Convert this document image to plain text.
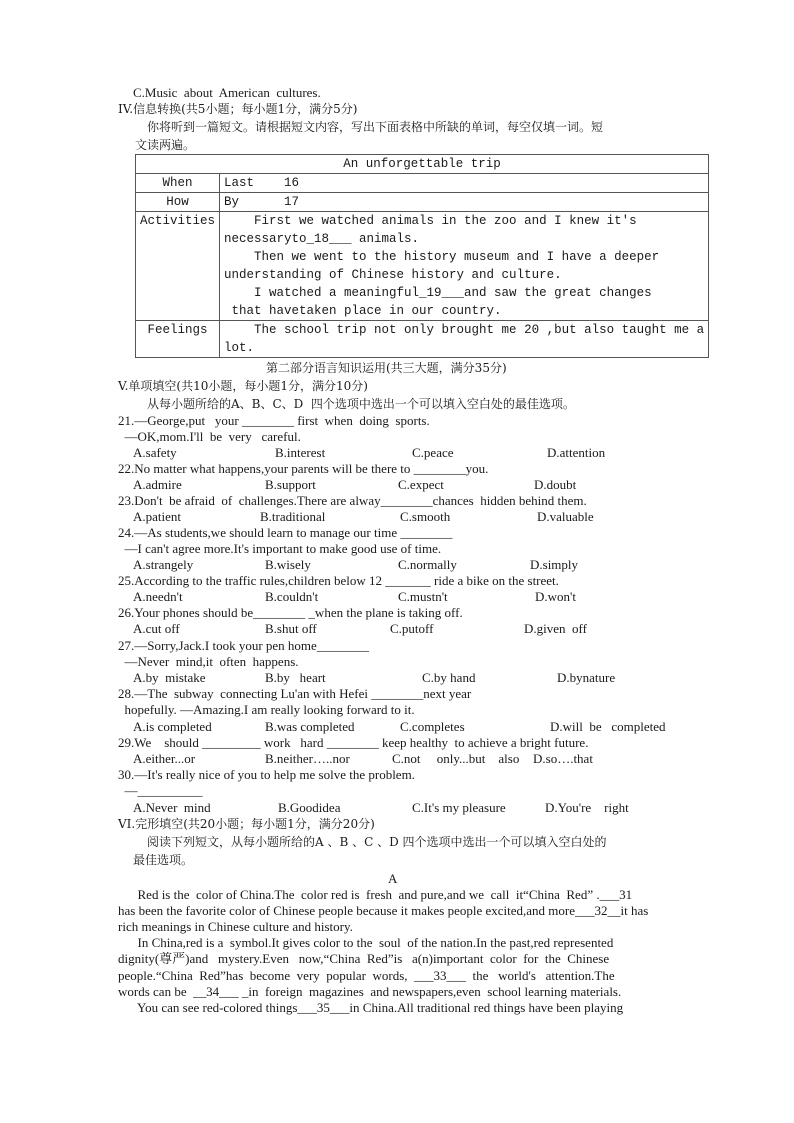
C.Music  about  American  cultures.
IV.信息转换(共5小题；每小题1分，满分5分)
你将听到一篇短文。请根据短文内容，写出下面表格中所缺的单词，每空仅填一词。短
文读两遍。
An unforgettable trip	
When	Last    16
How	By      17
Activities	First we watched animals in the zoo and I knew it's
necessaryto_18___ animals.
Then we went to the history museum and I have a deeper
understanding of Chinese history and culture.
I watched a meaningful_19___and saw the great changes
that havetaken place in our country.

Feelings	The school trip not only brought me 20 ,but also taught me a
lot.
第二部分语言知识运用(共三大题，满分35分)
V.单项填空(共10小题，每小题1分，满分10分)
从每小题所给的A、B、C、D  四个选项中选出一个可以填入空白处的最佳选项。
21.—George,put   your ________ first  when  doing  sports.
—OK,mom.I'll  be  very   careful.
A.safety	B.interest	C.peace	D.attention
22.No matter what happens,your parents will be there to ________you.
A.admire	B.support	C.expect	D.doubt
23.Don't  be afraid  of  challenges.There are alway________chances  hidden behind them.
A.patient	B.traditional	C.smooth	D.valuable
24.—As students,we should learn to manage our time ________
—I can't agree more.It's important to make good use of time.
A.strangely	B.wisely	C.normally	D.simply
25.According to the traffic rules,children below 12 _______ ride a bike on the street.
A.needn't	B.couldn't	C.mustn't	D.won't
26.Your phones should be________ _when the plane is taking off.
A.cut off	B.shut off	C.putoff	D.given  off
27.—Sorry,Jack.I took your pen home________
—Never  mind,it  often  happens.
A.by  mistake	B.by   heart	C.by hand	D.bynature
28.—The  subway  connecting Lu'an with Hefei ________next year
hopefully. —Amazing.I am really looking forward to it.
A.is completed	B.was completed	C.completes	D.will  be   completed
29.We    should _________ work   hard ________ keep healthy  to achieve a bright future.
A.either...or	B.neither…..nor	C.not     only...but    also D.so….that
30.—It's really nice of you to help me solve the problem.
—__________
A.Never  mind	B.Goodidea	C.It's my pleasure	D.You're    right
VI.完形填空(共20小题；每小题1分，满分20分)
阅读下列短文，从每小题所给的A 、B 、C 、D 四个选项中选出一个可以填入空白处的
最佳选项。
A
Red is the  color of China.The  color red is  fresh  and pure,and we  call  it“China  Red” .___31
has been the favorite color of Chinese people because it makes people excited,and more___32__it has
rich meanings in Chinese culture and history.
In China,red is a  symbol.It gives color to the  soul  of the nation.In the past,red represented
dignity(尊严)and   mystery.Even   now,“China  Red”is   a(n)important  color  for  the  Chinese
people.“China  Red”has  become  very  popular  words,  ___33___  the   world's   attention.The
words can be  __34___ _in  foreign  magazines  and newspapers,even  school learning materials.
You can see red-colored things___35___in China.All traditional red things have been playing
